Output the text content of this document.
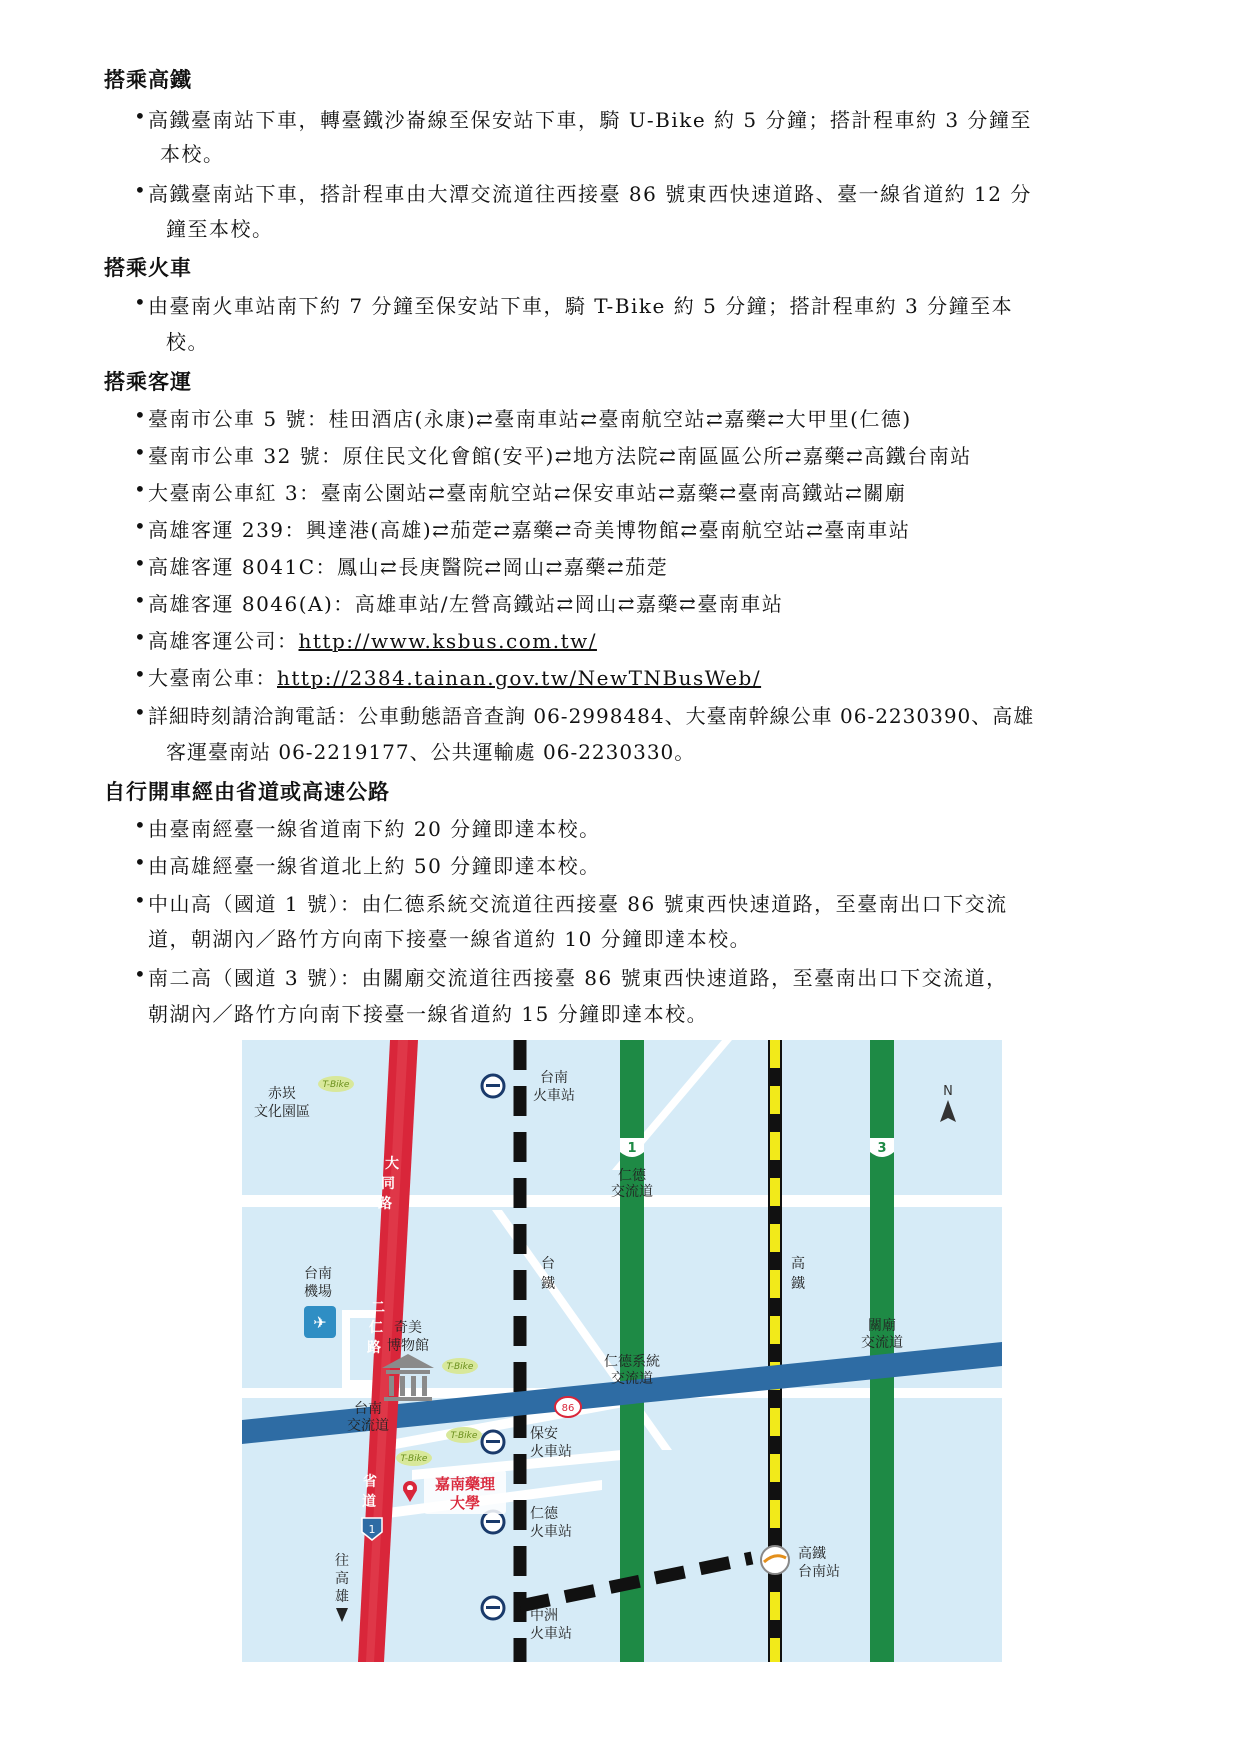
搭乘高鐵
• 高鐵臺南站下車，轉臺鐵沙崙線至保安站下車，騎 U-Bike 約 5 分鐘；搭計程車約 3 分鐘至
本校。
• 高鐵臺南站下車，搭計程車由大潭交流道往西接臺 86 號東西快速道路、臺一線省道約 12 分
鐘至本校。
搭乘火車
• 由臺南火車站南下約 7 分鐘至保安站下車，騎 T-Bike 約 5 分鐘；搭計程車約 3 分鐘至本
校。
搭乘客運
• 臺南市公車 5 號：桂田酒店(永康)⇄臺南車站⇄臺南航空站⇄嘉藥⇄大甲里(仁德)
• 臺南市公車 32 號：原住民文化會館(安平)⇄地方法院⇄南區區公所⇄嘉藥⇄高鐵台南站
• 大臺南公車紅 3：臺南公園站⇄臺南航空站⇄保安車站⇄嘉藥⇄臺南高鐵站⇄關廟
• 高雄客運 239：興達港(高雄)⇄茄萣⇄嘉藥⇄奇美博物館⇄臺南航空站⇄臺南車站
• 高雄客運 8041C：鳳山⇄長庚醫院⇄岡山⇄嘉藥⇄茄萣
• 高雄客運 8046(A)：高雄車站/左營高鐵站⇄岡山⇄嘉藥⇄臺南車站
• 高雄客運公司：http://www.ksbus.com.tw/
• 大臺南公車：http://2384.tainan.gov.tw/NewTNBusWeb/
• 詳細時刻請洽詢電話：公車動態語音查詢 06-2998484、大臺南幹線公車 06-2230390、高雄
客運臺南站 06-2219177、公共運輸處 06-2230330。
自行開車經由省道或高速公路
• 由臺南經臺一線省道南下約 20 分鐘即達本校。
• 由高雄經臺一線省道北上約 50 分鐘即達本校。
• 中山高（國道 1 號）：由仁德系統交流道往西接臺 86 號東西快速道路，至臺南出口下交流
道，朝湖內／路竹方向南下接臺一線省道約 10 分鐘即達本校。
• 南二高（國道 3 號）：由關廟交流道往西接臺 86 號東西快速道路，至臺南出口下交流道，
朝湖內／路竹方向南下接臺一線省道約 15 分鐘即達本校。
✈
1	3
86
1
N
T-Bike
T-Bike
T-Bike
T-Bike
赤崁
文化園區
台南
火車站
仁德
交流道
台南
機場
奇美
博物館
台
鐵
高
鐵
關廟
交流道
仁德系統
交流道
台南
交流道	保安
火車站
仁德
火車站
中洲
火車站
高鐵
台南站
往
高
雄
大
同
路
二
仁
路
省
道
嘉南藥理
大學
